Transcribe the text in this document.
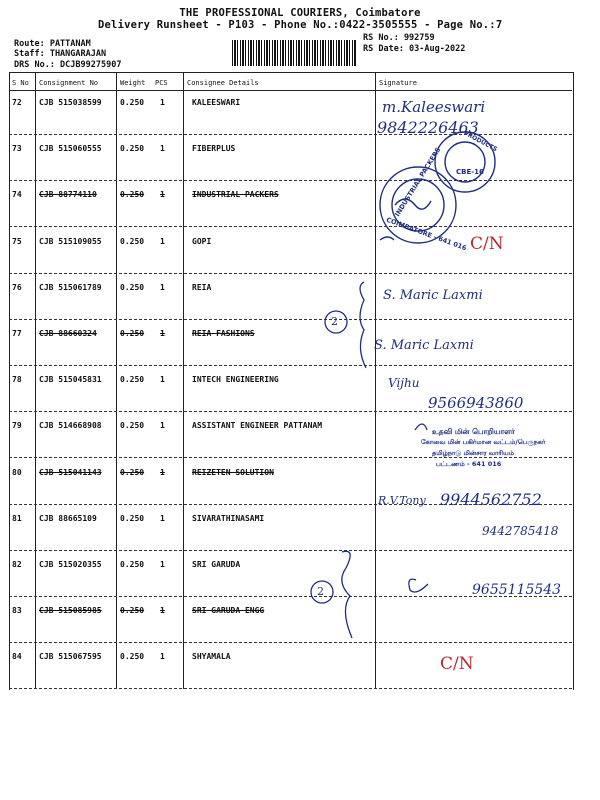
THE PROFESSIONAL COURIERS, Coimbatore
Delivery Runsheet - P103 - Phone No.:0422-3505555 - Page No.:7
Route: PATTANAM
Staff: THANGARAJAN
DRS No.: DCJB99275907
RS No.: 992759
RS Date: 03-Aug-2022
S No Consignment No	Weight PCS	Consignee Details	Signature
72 CJB 515038599 0.250 1	KALEESWARI
73 CJB 515060555 0.250 1	FIBERPLUS
74 CJB 88774110	0.250 1	INDUSTRIAL PACKERS
75 CJB 515109055 0.250 1	GOPI
76 CJB 515061789 0.250 1	REIA
77 CJB 88660324	0.250 1	REIA FASHIONS
78 CJB 515045831 0.250 1	INTECH ENGINEERING
79 CJB 514668908 0.250 1	ASSISTANT ENGINEER PATTANAM
80 CJB 515041143 0.250 1	REIZETEN SOLUTION
81 CJB 88665109	0.250 1	SIVARATHINASAMI
82 CJB 515020355 0.250 1	SRI GARUDA
83 CJB 515085985 0.250 1	SRI GARUDA ENGG
84 CJB 515067595 0.250 1	SHYAMALA
INDUSTRIAL PACKERS
COIMBATORE - 641 016
PRODUCTS
CBE-16
உதவி மின் பொறியாளர்
கோவை மின் பகிர்மான வட்டம்/பெருநகர்
தமிழ்நாடு மின்சார வாரியம்
பட்டணம் - 641 016
m.Kaleeswari
9842226463
C/N
S. Maric Laxmi
S. Maric Laxmi
2
Vijhu
9566943860
R.V.Tony 9944562752
9442785418
9655115543
2
C/N
